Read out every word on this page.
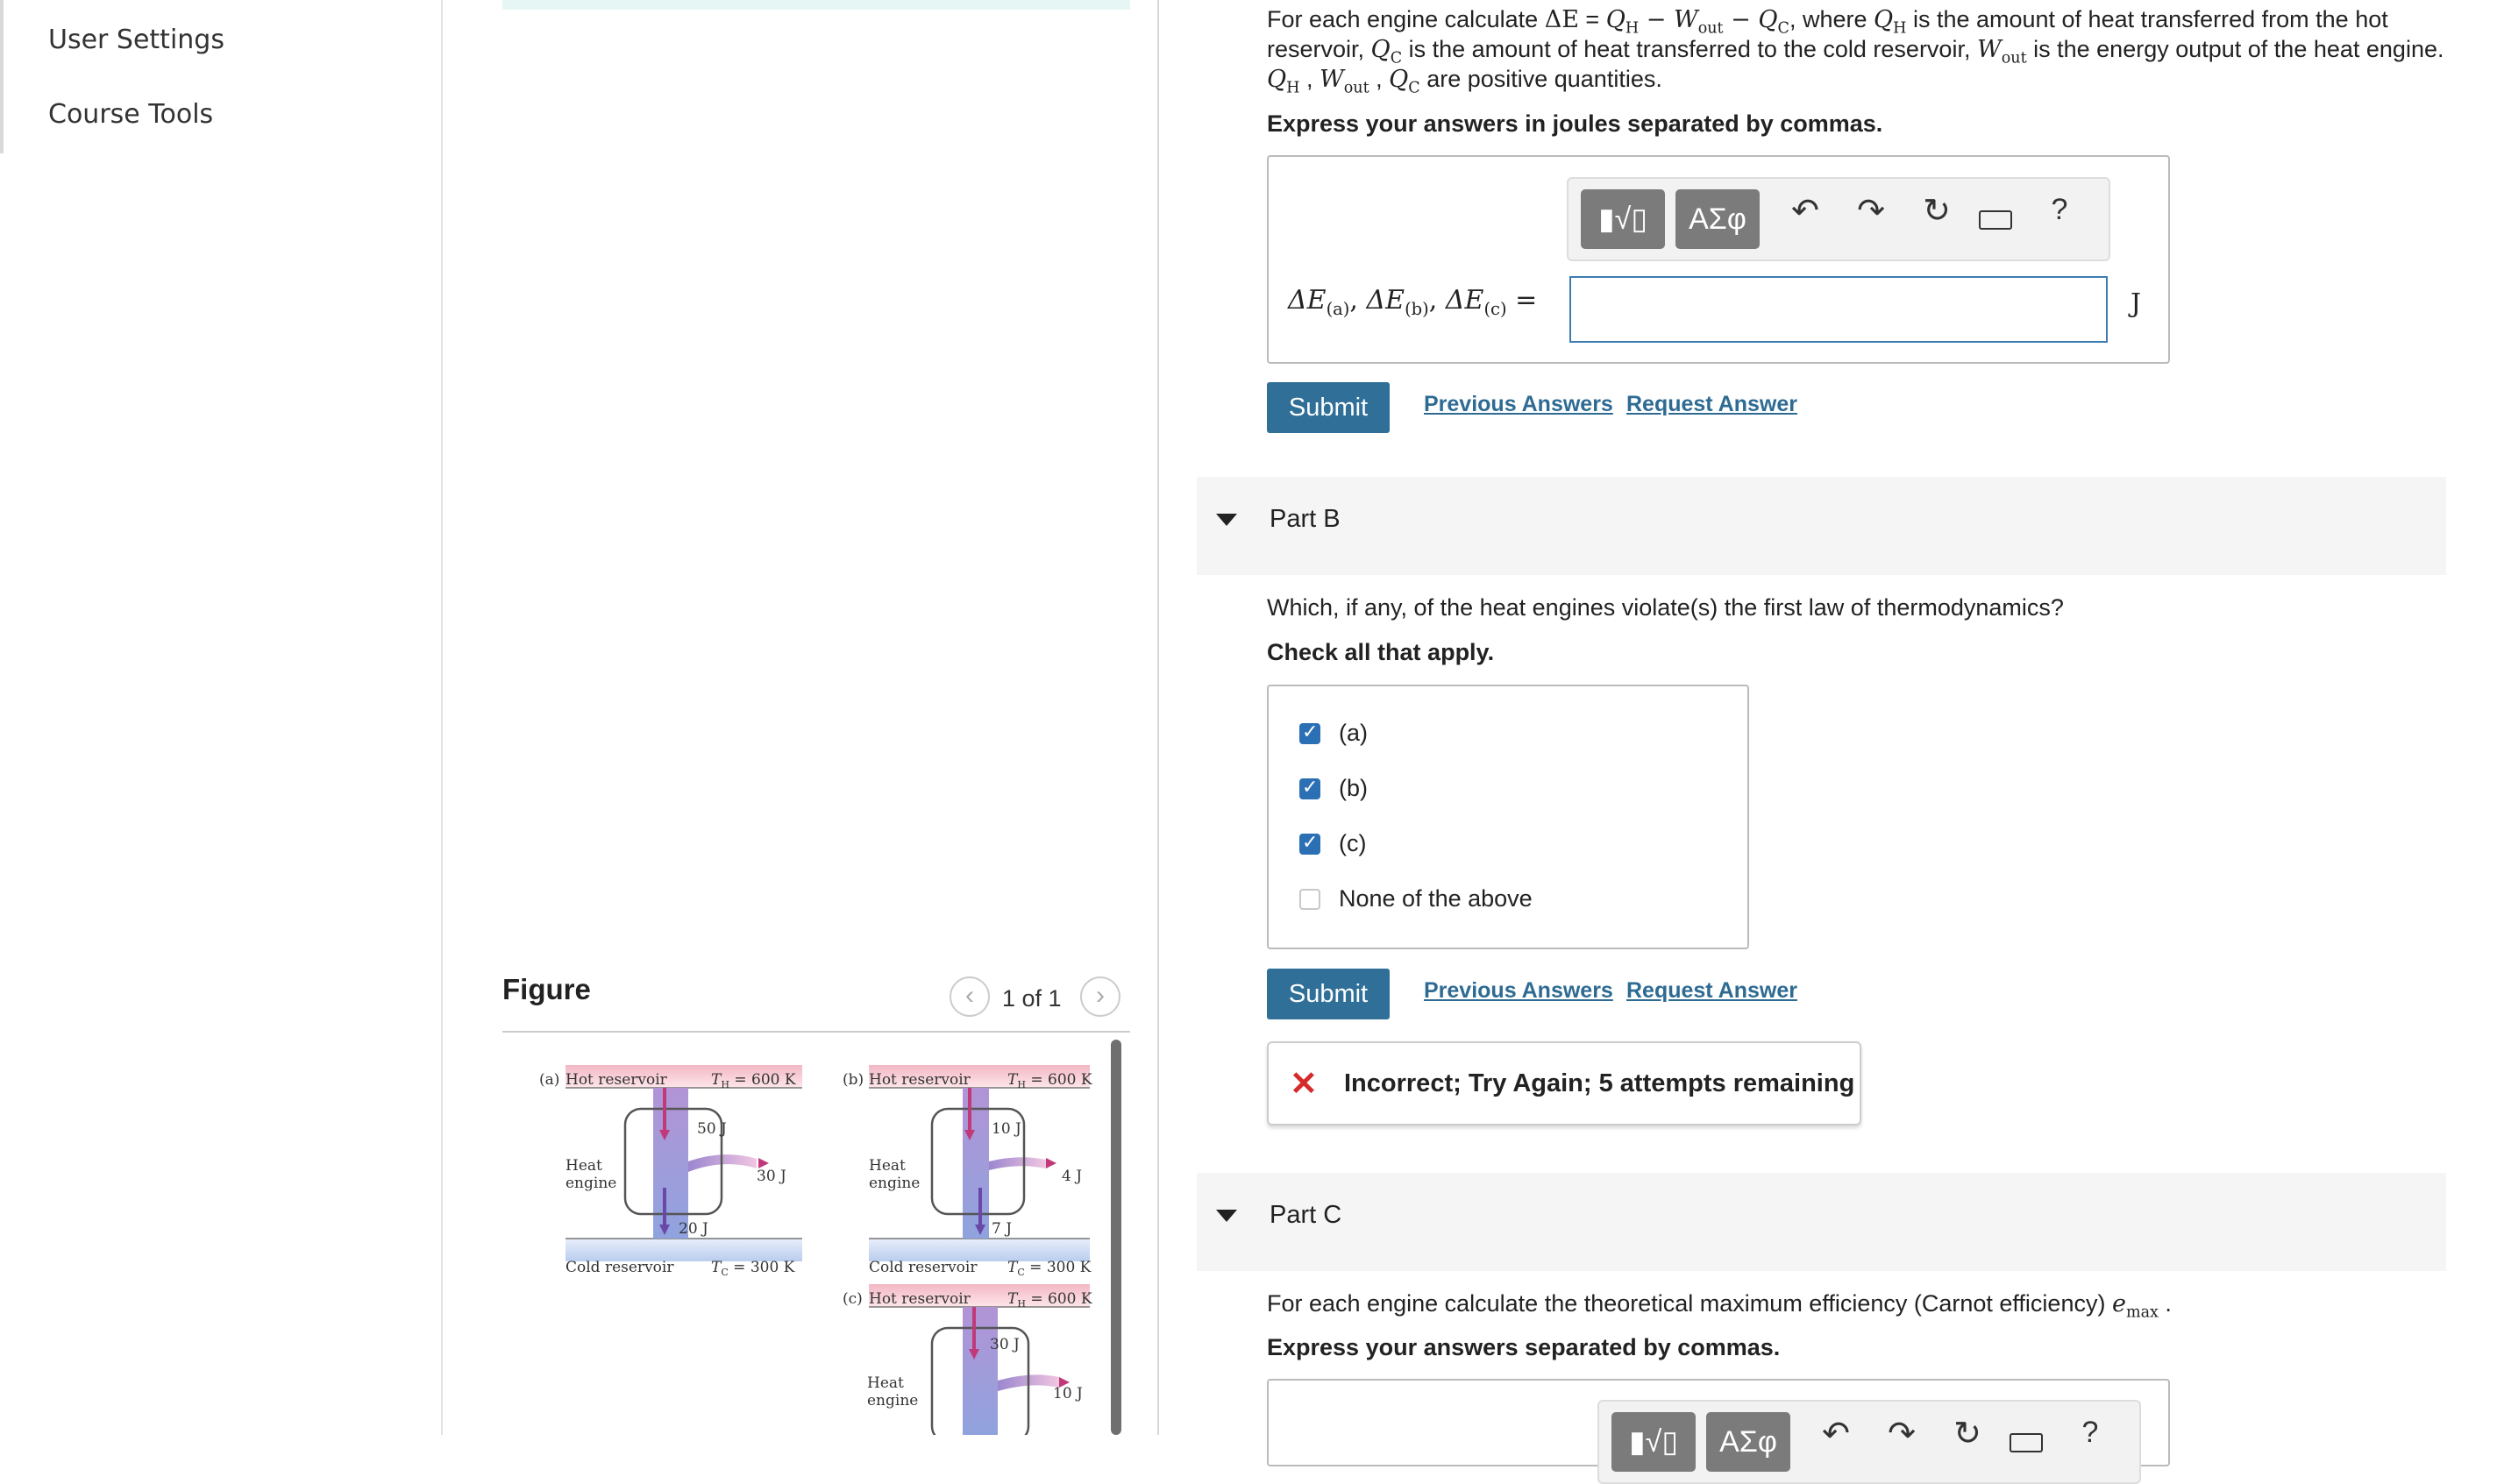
User Settings
Course Tools
Figure	‹	1 of 1	›
(a) Hot reservoir	$T_H = 600$ K
50 J
Heat
engine	30 J
20 J
Cold reservoir	$T_C = 300$ K
(b) Hot reservoir $T_H = 600$ K
10 J
Heat
engine	4 J
7 J
Cold reservoir $T_C = 300$ K
(c) Hot reservoir $T_H = 600$ K
30 J
Heat
engine	10 J
For each engine calculate $\Delta E = Q_H - W_{out} - Q_C$, where $Q_H$ is the amount of heat transferred from the hot
reservoir, $Q_C$ is the amount of heat transferred to the cold reservoir, $W_{out}$ is the energy output of the heat engine.
$Q_H$ , $W_{out}$ , $Q_C$ are positive quantities.
Express your answers in joules separated by commas.
▮√▯	ΑΣφ	↶ ↷ ↻	?
$\Delta E_{(a)}$, $\Delta E_{(b)}$, $\Delta E_{(c)}$ =	J
Submit	Previous Answers Request Answer
Part B
Which, if any, of the heat engines violate(s) the first law of thermodynamics?
Check all that apply.
✓ (a)
✓ (b)
✓ (c)
None of the above
Submit	Previous Answers Request Answer
✕ Incorrect; Try Again; 5 attempts remaining
Part C
For each engine calculate the theoretical maximum efficiency (Carnot efficiency) $e_{max}$ .
Express your answers separated by commas.
▮√▯	ΑΣφ	↶ ↷ ↻	?
